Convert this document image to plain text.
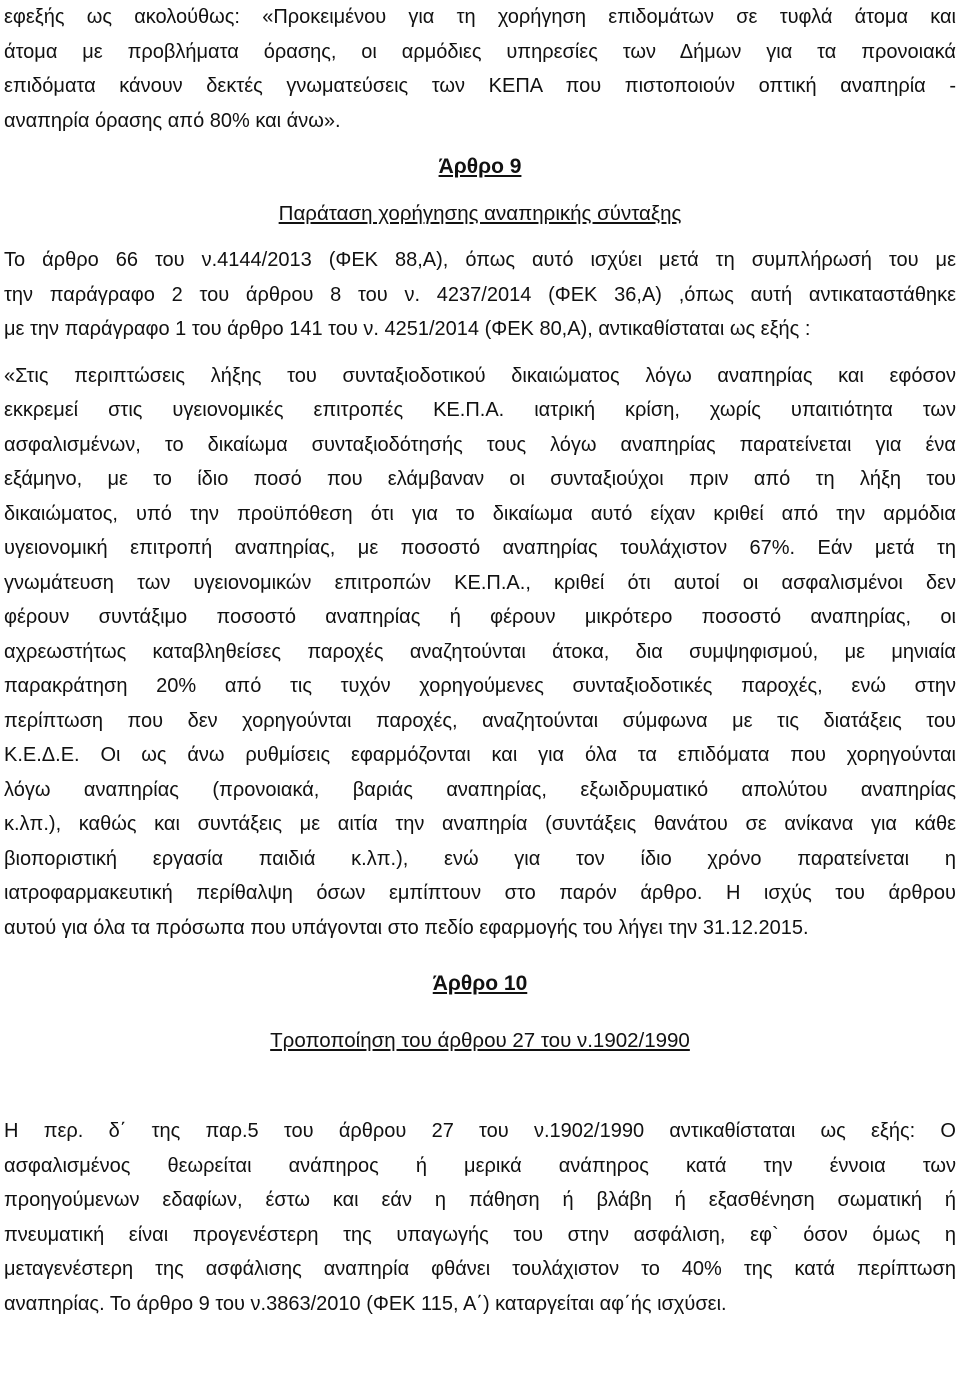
εφεξής ως ακολούθως: «Προκειμένου για τη χορήγηση επιδομάτων σε τυφλά άτομα και
άτομα με προβλήματα όρασης, οι αρμόδιες υπηρεσίες των Δήμων για τα προνοιακά
επιδόματα κάνουν δεκτές γνωματεύσεις των ΚΕΠΑ που πιστοποιούν οπτική αναπηρία -
αναπηρία όρασης από 80% και άνω».
Άρθρο 9
Παράταση χορήγησης αναπηρικής σύνταξης
Το άρθρο 66 του ν.4144/2013 (ΦΕΚ 88,Α), όπως αυτό ισχύει μετά τη συμπλήρωσή του με
την παράγραφο 2 του άρθρου 8 του ν. 4237/2014 (ΦΕΚ 36,Α) ,όπως αυτή αντικαταστάθηκε
με την παράγραφο 1 του άρθρο 141 του ν. 4251/2014 (ΦΕΚ 80,Α), αντικαθίσταται ως εξής :
«Στις περιπτώσεις λήξης του συνταξιοδοτικού δικαιώματος λόγω αναπηρίας και εφόσον
εκκρεμεί στις υγειονομικές επιτροπές ΚΕ.Π.Α. ιατρική κρίση, χωρίς υπαιτιότητα των
ασφαλισμένων, το δικαίωμα συνταξιοδότησής τους λόγω αναπηρίας παρατείνεται για ένα
εξάμηνο, με το ίδιο ποσό που ελάμβαναν οι συνταξιούχοι πριν από τη λήξη του
δικαιώματος, υπό την προϋπόθεση ότι για το δικαίωμα αυτό είχαν κριθεί από την αρμόδια
υγειονομική επιτροπή αναπηρίας, με ποσοστό αναπηρίας τουλάχιστον 67%. Εάν μετά τη
γνωμάτευση των υγειονομικών επιτροπών ΚΕ.Π.Α., κριθεί ότι αυτοί οι ασφαλισμένοι δεν
φέρουν συντάξιμο ποσοστό αναπηρίας ή φέρουν μικρότερο ποσοστό αναπηρίας, οι
αχρεωστήτως καταβληθείσες παροχές αναζητούνται άτοκα, δια συμψηφισμού, με μηνιαία
παρακράτηση 20% από τις τυχόν χορηγούμενες συνταξιοδοτικές παροχές, ενώ στην
περίπτωση που δεν χορηγούνται παροχές, αναζητούνται σύμφωνα με τις διατάξεις του
Κ.Ε.Δ.Ε. Οι ως άνω ρυθμίσεις εφαρμόζονται και για όλα τα επιδόματα που χορηγούνται
λόγω αναπηρίας (προνοιακά, βαριάς αναπηρίας, εξωιδρυματικό απολύτου αναπηρίας
κ.λπ.), καθώς και συντάξεις με αιτία την αναπηρία (συντάξεις θανάτου σε ανίκανα για κάθε
βιοποριστική εργασία παιδιά κ.λπ.), ενώ για τον ίδιο χρόνο παρατείνεται η
ιατροφαρμακευτική περίθαλψη όσων εμπίπτουν στο παρόν άρθρο. Η ισχύς του άρθρου
αυτού για όλα τα πρόσωπα που υπάγονται στο πεδίο εφαρμογής του λήγει την 31.12.2015.
Άρθρο 10
Τροποποίηση του άρθρου 27 του ν.1902/1990
Η περ. δ΄ της παρ.5 του άρθρου 27 του ν.1902/1990 αντικαθίσταται ως εξής: Ο
ασφαλισμένος θεωρείται ανάπηρος ή μερικά ανάπηρος κατά την έννοια των
προηγούμενων εδαφίων, έστω και εάν η πάθηση ή βλάβη ή εξασθένηση σωματική ή
πνευματική είναι προγενέστερη της υπαγωγής του στην ασφάλιση, εφ` όσον όμως η
μεταγενέστερη της ασφάλισης αναπηρία φθάνει τουλάχιστον το 40% της κατά περίπτωση
αναπηρίας. Το άρθρο 9 του ν.3863/2010 (ΦΕΚ 115, Α΄) καταργείται αφ΄ής ισχύσει.
